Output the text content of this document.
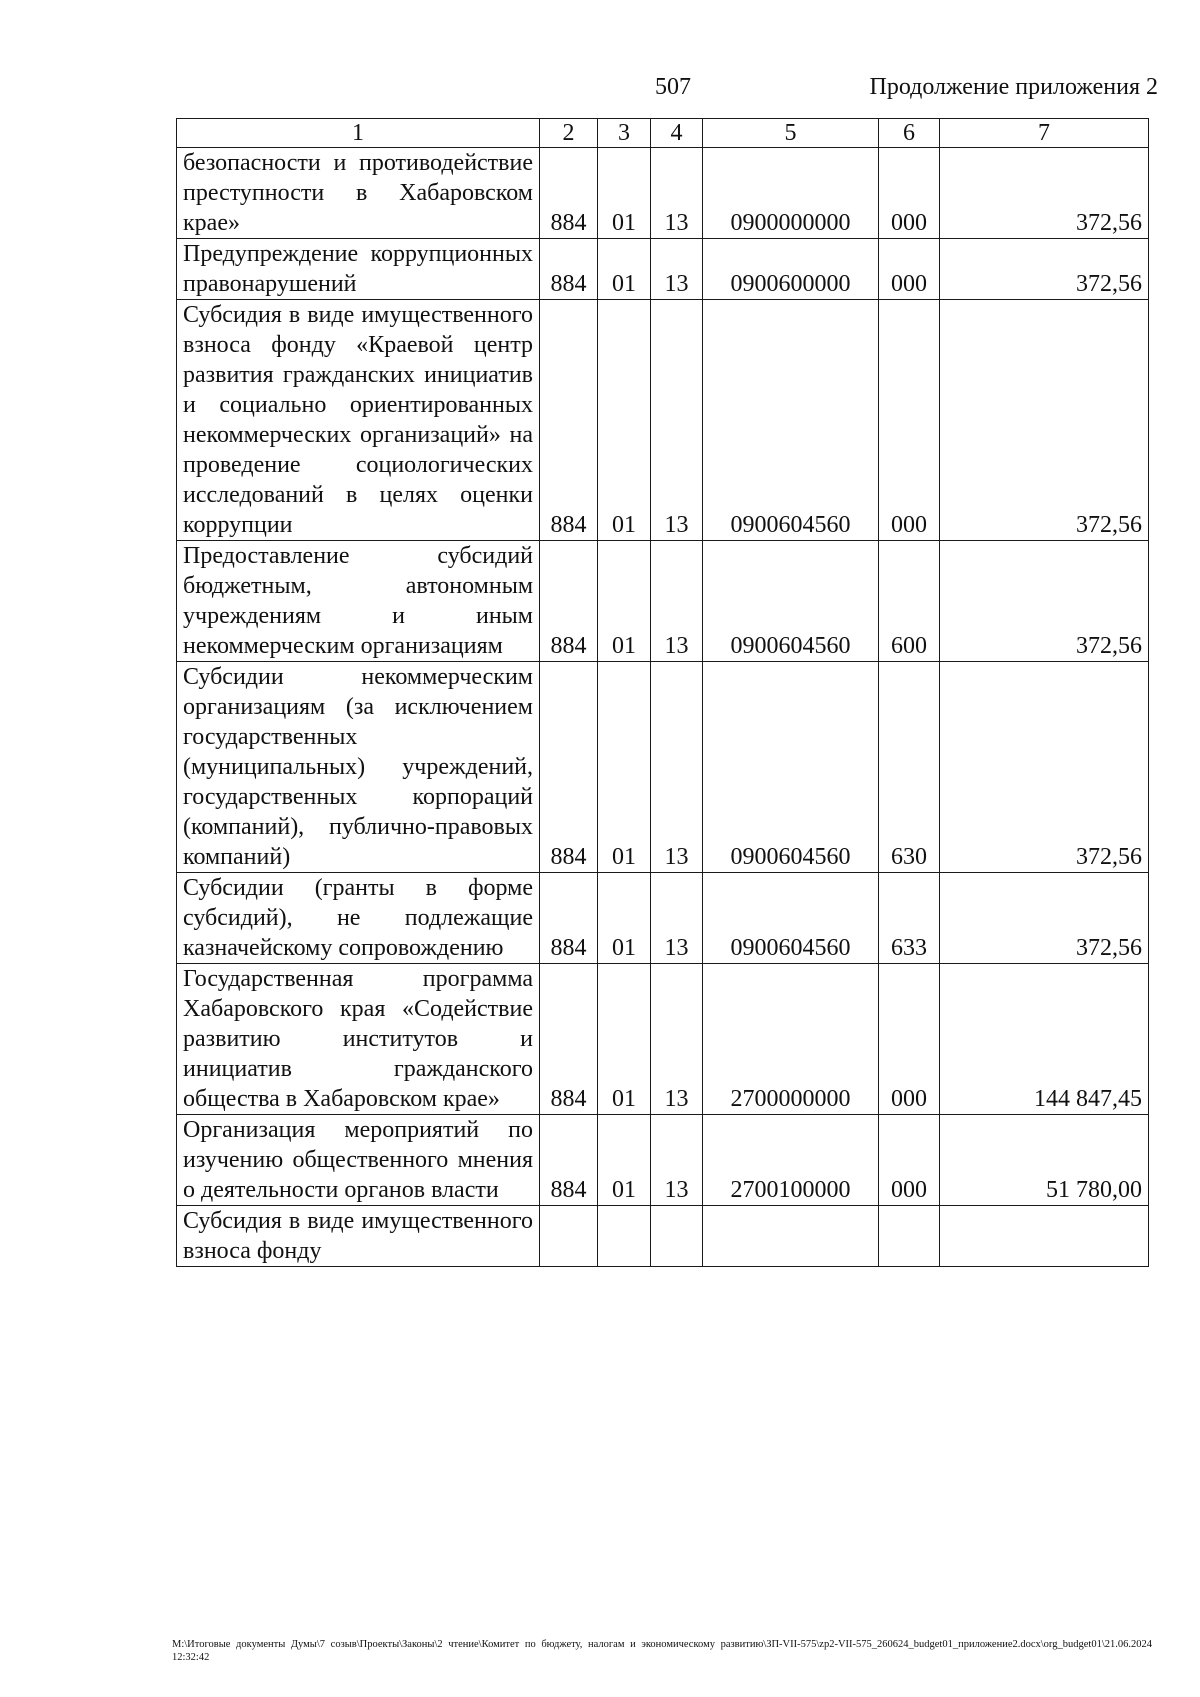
507	Продолжение приложения 2
1	2	3	4	5	6	7
безопасности и противодействие преступности в Хабаровском крае»	884	01	13	0900000000	000	372,56
Предупреждение коррупционных правонарушений	884	01	13	0900600000	000	372,56
Субсидия в виде имущественного взноса фонду «Краевой центр развития гражданских инициатив и социально ориентированных некоммерческих организаций» на проведение социологических исследований в целях оценки коррупции	884	01	13	0900604560	000	372,56
Предоставление субсидий бюджетным, автономным учреждениям и иным некоммерческим организациям	884	01	13	0900604560	600	372,56
Субсидии некоммерческим организациям (за исключением государственных (муниципальных) учреждений, государственных корпораций (компаний), публично-правовых компаний)	884	01	13	0900604560	630	372,56
Субсидии (гранты в форме субсидий), не подлежащие казначейскому сопровождению	884	01	13	0900604560	633	372,56
Государственная программа Хабаровского края «Содействие развитию институтов и инициатив гражданского общества в Хабаровском крае»	884	01	13	2700000000	000	144 847,45
Организация мероприятий по изучению общественного мнения о деятельности органов власти	884	01	13	2700100000	000	51 780,00
Субсидия в виде имущественного взноса фонду						
M:\Итоговые документы Думы\7 созыв\Проекты\Законы\2 чтение\Комитет по бюджету, налогам и экономическому развитию\ЗП-VII-575\zp2-VII-575_260624_budget01_приложение2.docx\org_budget01\21.06.2024 12:32:42
